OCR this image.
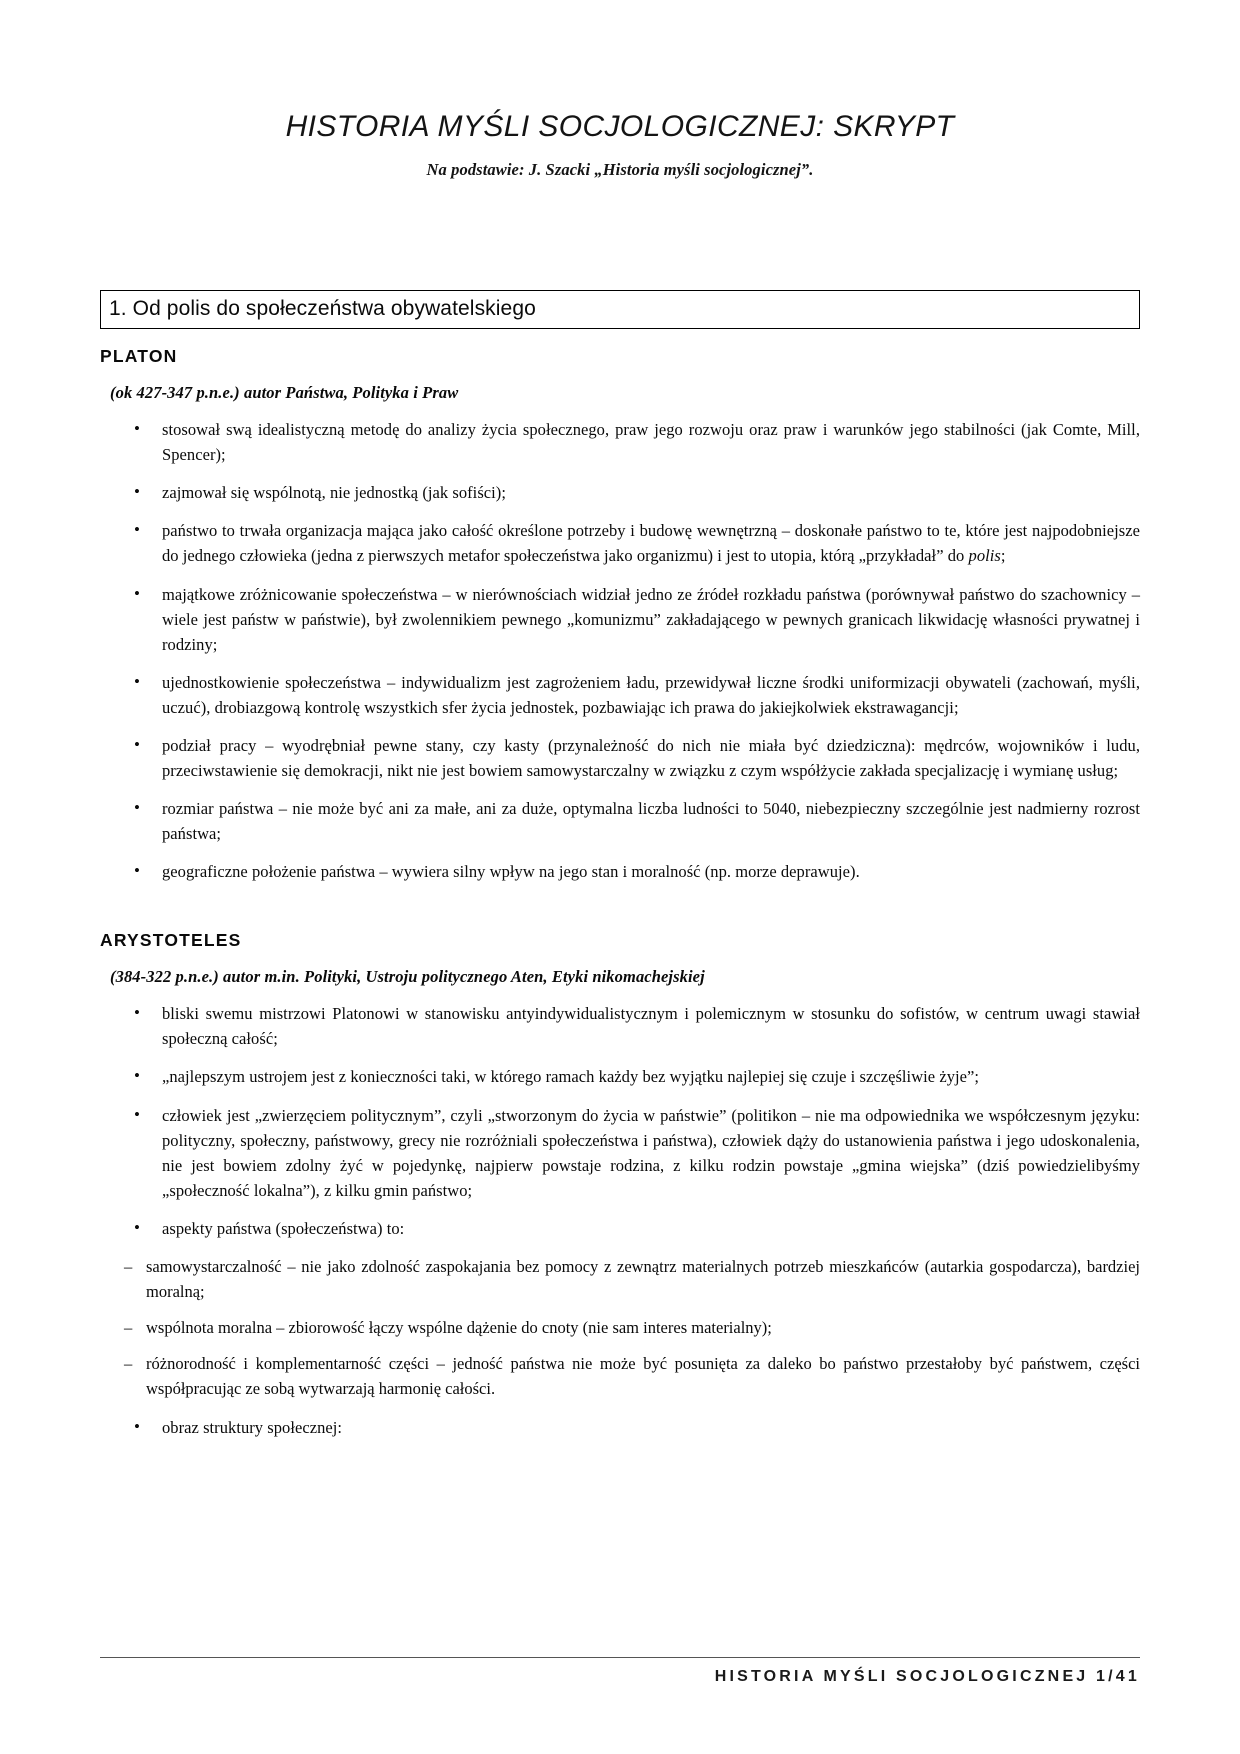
HISTORIA MYŚLI SOCJOLOGICZNEJ: SKRYPT

Na podstawie: J. Szacki „Historia myśli socjologicznej”.

1. Od polis do społeczeństwa obywatelskiego
PLATON

(ok 427-347 p.n.e.) autor Państwa, Polityka i Praw

• stosował swą idealistyczną metodę do analizy życia społecznego, praw jego rozwoju oraz praw i warunków jego stabilności (jak Comte, Mill, Spencer);
• zajmował się wspólnotą, nie jednostką (jak sofiści);
• państwo to trwała organizacja mająca jako całość określone potrzeby i budowę wewnętrzną – doskonałe państwo to te, które jest najpodobniejsze do jednego człowieka (jedna z pierwszych metafor społeczeństwa jako organizmu) i jest to utopia, którą „przykładał” do polis;
• majątkowe zróżnicowanie społeczeństwa – w nierównościach widział jedno ze źródeł rozkładu państwa (porównywał państwo do szachownicy – wiele jest państw w państwie), był zwolennikiem pewnego „komunizmu” zakładającego w pewnych granicach likwidację własności prywatnej i rodziny;
• ujednostkowienie społeczeństwa – indywidualizm jest zagrożeniem ładu, przewidywał liczne środki uniformizacji obywateli (zachowań, myśli, uczuć), drobiazgową kontrolę wszystkich sfer życia jednostek, pozbawiając ich prawa do jakiejkolwiek ekstrawagancji;
• podział pracy – wyodrębniał pewne stany, czy kasty (przynależność do nich nie miała być dziedziczna): mędrców, wojowników i ludu, przeciwstawienie się demokracji, nikt nie jest bowiem samowystarczalny w związku z czym współżycie zakłada specjalizację i wymianę usług;
• rozmiar państwa – nie może być ani za małe, ani za duże, optymalna liczba ludności to 5040, niebezpieczny szczególnie jest nadmierny rozrost państwa;
• geograficzne położenie państwa – wywiera silny wpływ na jego stan i moralność (np. morze deprawuje).
ARYSTOTELES

(384-322 p.n.e.) autor m.in. Polityki, Ustroju politycznego Aten, Etyki nikomachejskiej

• bliski swemu mistrzowi Platonowi w stanowisku antyindywidualistycznym i polemicznym w stosunku do sofistów, w centrum uwagi stawiał społeczną całość;
• „najlepszym ustrojem jest z konieczności taki, w którego ramach każdy bez wyjątku najlepiej się czuje i szczęśliwie żyje”;
• człowiek jest „zwierzęciem politycznym”, czyli „stworzonym do życia w państwie” (politikon – nie ma odpowiednika we współczesnym języku: polityczny, społeczny, państwowy, grecy nie rozróżniali społeczeństwa i państwa), człowiek dąży do ustanowienia państwa i jego udoskonalenia, nie jest bowiem zdolny żyć w pojedynkę, najpierw powstaje rodzina, z kilku rodzin powstaje „gmina wiejska” (dziś powiedzielibyśmy „społeczność lokalna”), z kilku gmin państwo;
• aspekty państwa (społeczeństwa) to:
– samowystarczalność – nie jako zdolność zaspokajania bez pomocy z zewnątrz materialnych potrzeb mieszkańców (autarkia gospodarcza), bardziej moralną;
– wspólnota moralna – zbiorowość łączy wspólne dążenie do cnoty (nie sam interes materialny);
– różnorodność i komplementarność części – jedność państwa nie może być posunięta za daleko bo państwo przestałoby być państwem, części współpracując ze sobą wytwarzają harmonię całości.
• obraz struktury społecznej:
HISTORIA MYŚLI SOCJOLOGICZNEJ 1/41
